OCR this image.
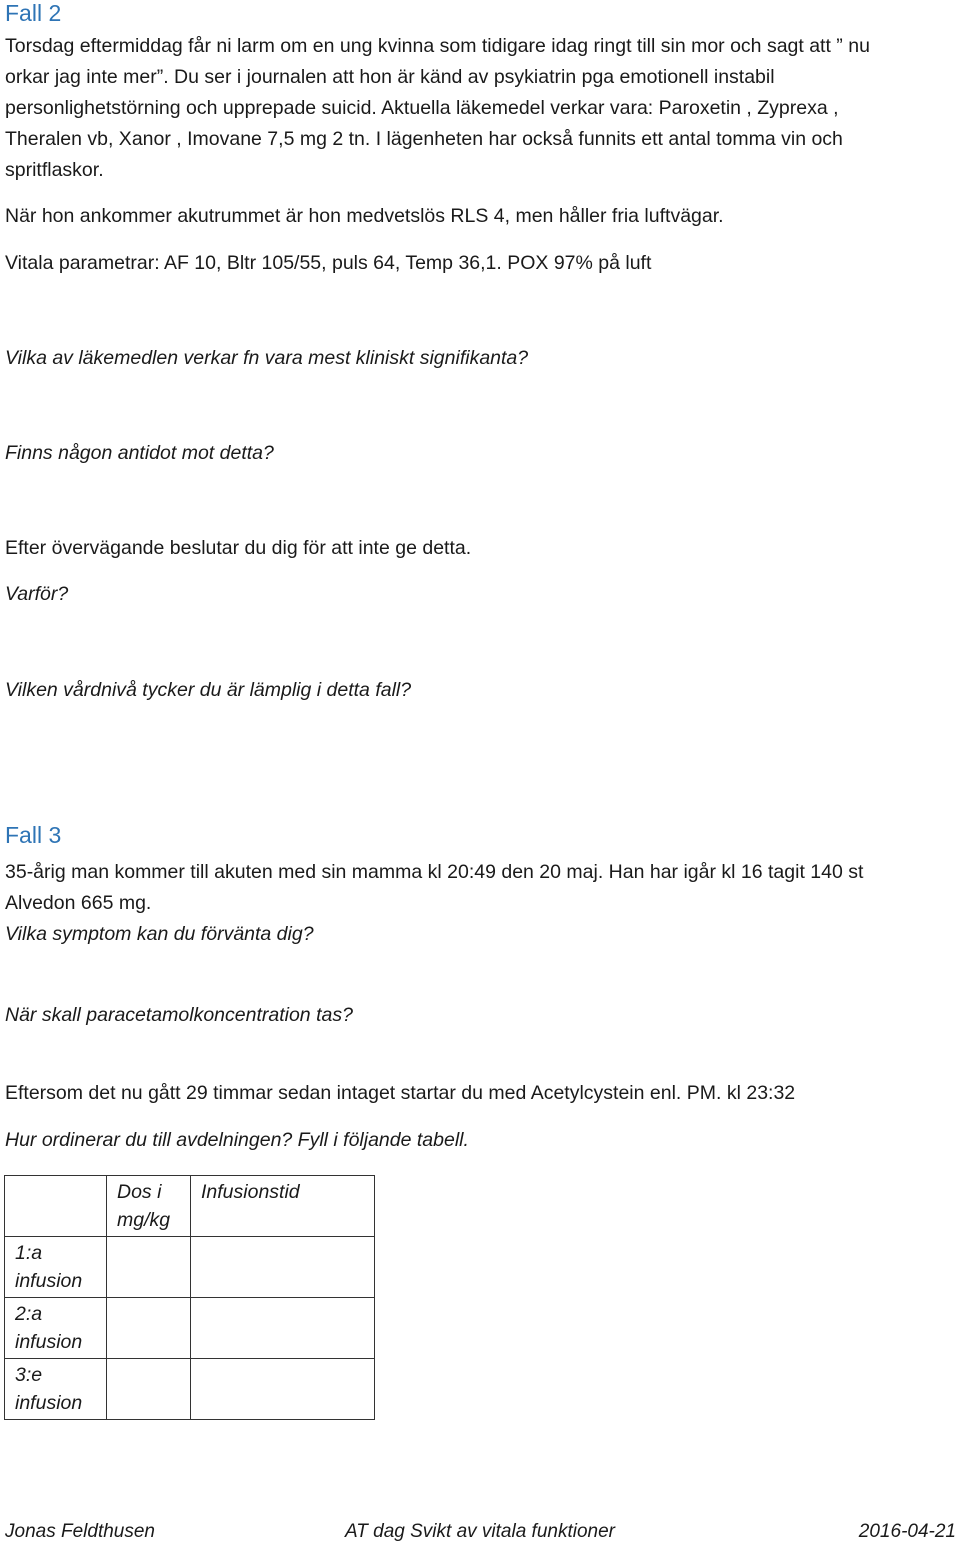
Fall 2
Torsdag eftermiddag får ni larm om en ung kvinna som tidigare idag ringt till sin mor och sagt att ” nu
orkar jag inte mer”. Du ser i journalen att hon är känd av psykiatrin pga emotionell instabil
personlighetstörning och upprepade suicid. Aktuella läkemedel verkar vara: Paroxetin , Zyprexa ,
Theralen vb, Xanor , Imovane 7,5 mg 2 tn. I lägenheten har också funnits ett antal tomma vin och
spritflaskor.
När hon ankommer akutrummet är hon medvetslös RLS 4, men håller fria luftvägar.
Vitala parametrar: AF 10, Bltr 105/55, puls 64, Temp 36,1. POX 97% på luft
Vilka av läkemedlen verkar fn vara mest kliniskt signifikanta?
Finns någon antidot mot detta?
Efter övervägande beslutar du dig för att inte ge detta.
Varför?
Vilken vårdnivå tycker du är lämplig i detta fall?
Fall 3
35-årig man kommer till akuten med sin mamma kl 20:49 den 20 maj. Han har igår kl 16 tagit 140 st
Alvedon 665 mg.
Vilka symptom kan du förvänta dig?
När skall paracetamolkoncentration tas?
Eftersom det nu gått 29 timmar sedan intaget startar du med Acetylcystein enl. PM. kl 23:32
Hur ordinerar du till avdelningen? Fyll i följande tabell.
	Dos i mg/kg	Infusionstid
1:a infusion		
2:a infusion		
3:e infusion		
Jonas Feldthusen	AT dag Svikt av vitala funktioner	2016-04-21
